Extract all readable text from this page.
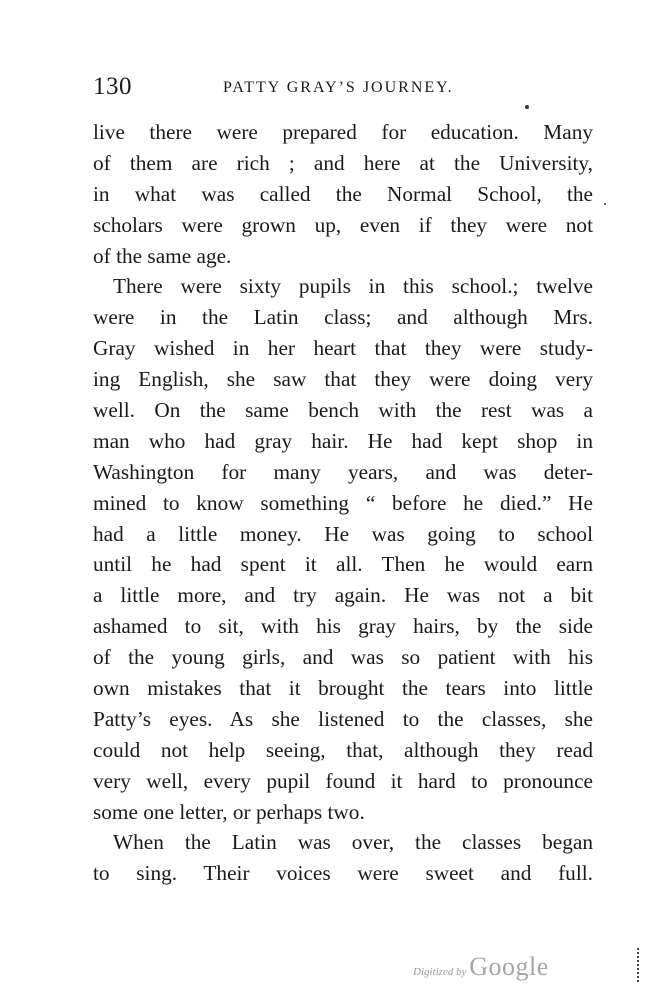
130	PATTY GRAY’S JOURNEY.
live there were prepared for education. Many
of them are rich ; and here at the University,
in what was called the Normal School, the
scholars were grown up, even if they were not
of the same age.
There were sixty pupils in this school.; twelve
were in the Latin class; and although Mrs.
Gray wished in her heart that they were study-
ing English, she saw that they were doing very
well. On the same bench with the rest was a
man who had gray hair. He had kept shop in
Washington for many years, and was deter-
mined to know something “ before he died.” He
had a little money. He was going to school
until he had spent it all. Then he would earn
a little more, and try again. He was not a bit
ashamed to sit, with his gray hairs, by the side
of the young girls, and was so patient with his
own mistakes that it brought the tears into little
Patty’s eyes. As she listened to the classes, she
could not help seeing, that, although they read
very well, every pupil found it hard to pronounce
some one letter, or perhaps two.
When the Latin was over, the classes began
to sing. Their voices were sweet and full.
Digitized by Google
